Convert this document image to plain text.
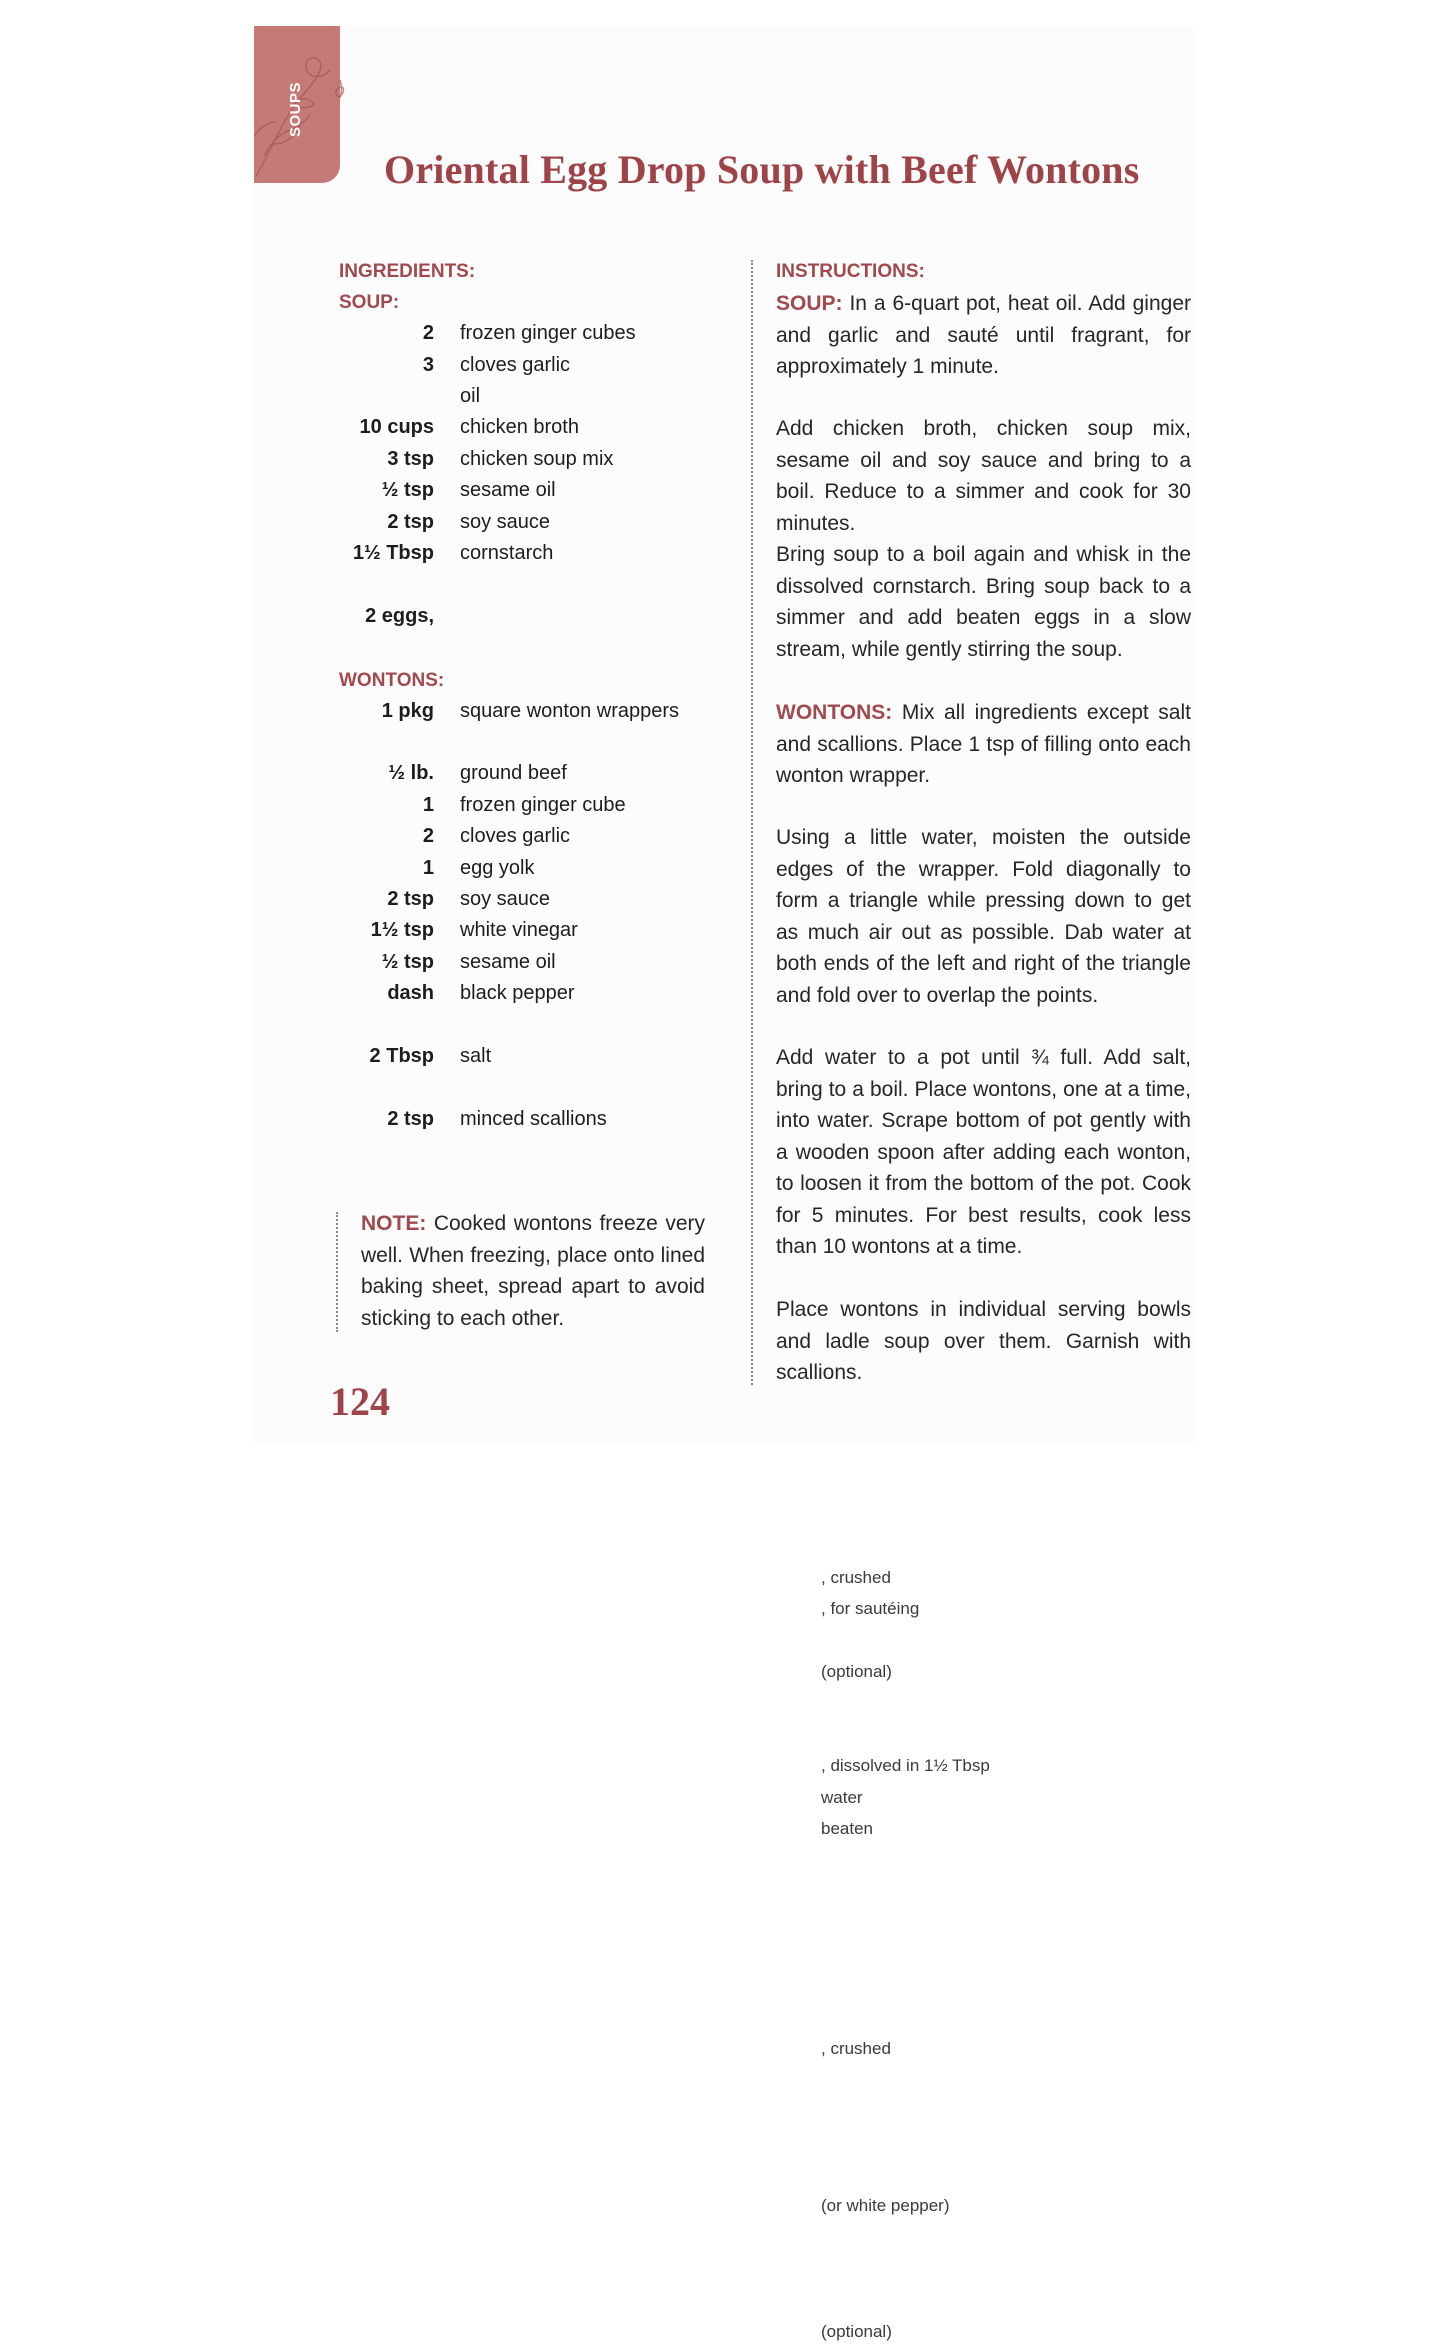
SOUPS
Oriental Egg Drop Soup with Beef Wontons
INGREDIENTS:
SOUP:
2 frozen ginger cubes
3 cloves garlic
, crushed
oil
, for sautéing
10 cups chicken broth
3 tsp chicken soup mix
(optional)
½ tsp sesame oil
2 tsp soy sauce
1½ Tbsp cornstarch
, dissolved in 1½ Tbsp
water
2 eggs,
beaten
WONTONS:
1 pkg square wonton wrappers
½ lb. ground beef
1 frozen ginger cube
2 cloves garlic
, crushed
1 egg yolk
2 tsp soy sauce
1½ tsp white vinegar
½ tsp sesame oil
dash black pepper
(or white pepper)
2 Tbsp salt
2 tsp minced scallions
(optional)
NOTE: Cooked wontons freeze very well. When freezing, place onto lined baking sheet, spread apart to avoid sticking to each other.
INSTRUCTIONS:
SOUP: In a 6-quart pot, heat oil. Add ginger and garlic and sauté until fragrant, for approximately 1 minute.
Add chicken broth, chicken soup mix, sesame oil and soy sauce and bring to a boil. Reduce to a simmer and cook for 30 minutes.
Bring soup to a boil again and whisk in the dissolved cornstarch. Bring soup back to a simmer and add beaten eggs in a slow stream, while gently stirring the soup.
WONTONS: Mix all ingredients except salt and scallions. Place 1 tsp of filling onto each wonton wrapper.
Using a little water, moisten the outside edges of the wrapper. Fold diagonally to form a triangle while pressing down to get as much air out as possible. Dab water at both ends of the left and right of the triangle and fold over to overlap the points.
Add water to a pot until ¾ full. Add salt, bring to a boil. Place wontons, one at a time, into water. Scrape bottom of pot gently with a wooden spoon after adding each wonton, to loosen it from the bottom of the pot. Cook for 5 minutes. For best results, cook less than 10 wontons at a time.
Place wontons in individual serving bowls and ladle soup over them. Garnish with scallions.
124
